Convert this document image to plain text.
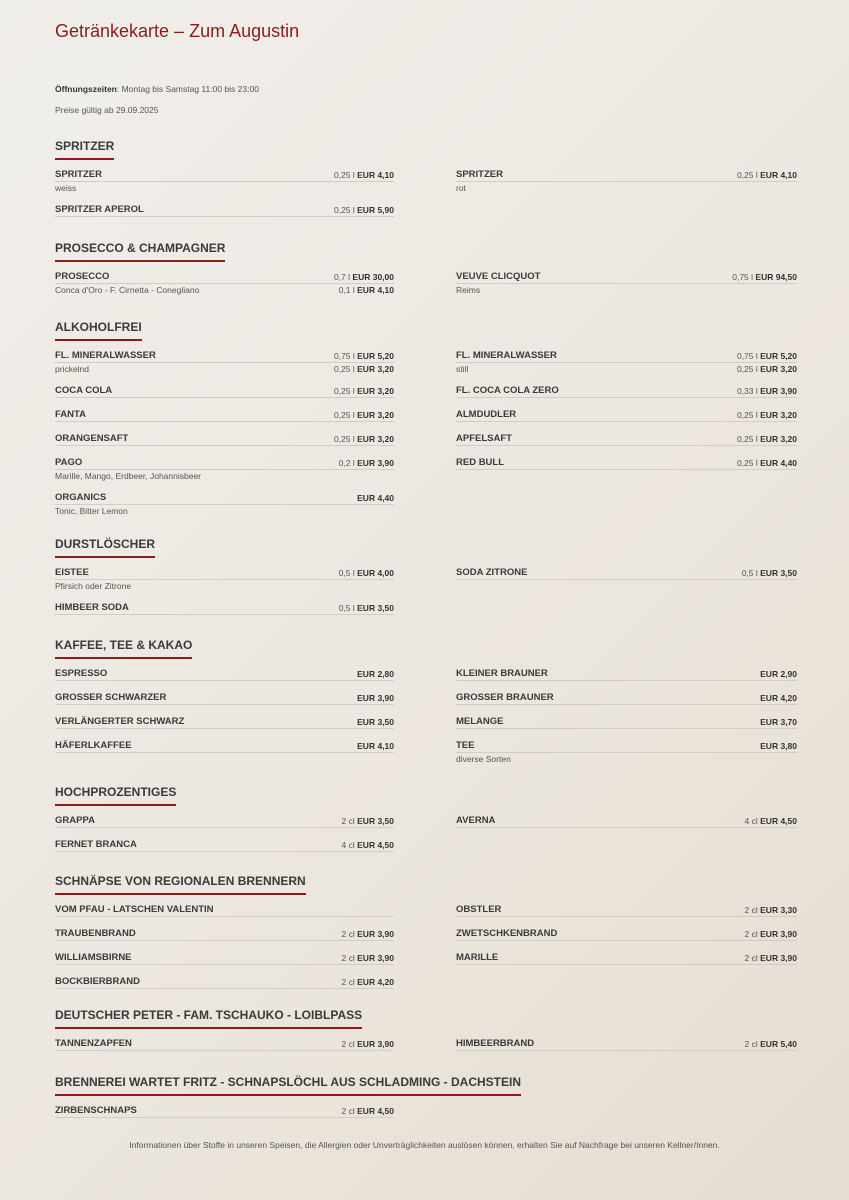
Getränkekarte – Zum Augustin
Öffnungszeiten: Montag bis Samstag 11:00 bis 23:00
Preise gültig ab 29.09.2025
SPRITZER
SPRITZER	0,25 l EUR 4,10
weiss
SPRITZER APEROL	0,25 l EUR 5,90
SPRITZER	0,25 l EUR 4,10
rot
PROSECCO & CHAMPAGNER
PROSECCO	0,7 l EUR 30,00
Conca d'Oro - F. Cirnetta - Conegliano	0,1 l EUR 4,10
VEUVE CLICQUOT	0,75 l EUR 94,50
Reims
ALKOHOLFREI
FL. MINERALWASSER	0,75 l EUR 5,20
prickelnd	0,25 l EUR 3,20
COCA COLA	0,25 l EUR 3,20
FANTA	0,25 l EUR 3,20
ORANGENSAFT	0,25 l EUR 3,20
PAGO	0,2 l EUR 3,90
Marille, Mango, Erdbeer, Johannisbeer
ORGANICS	EUR 4,40
Tonic, Bitter Lemon
FL. MINERALWASSER	0,75 l EUR 5,20
still	0,25 l EUR 3,20
FL. COCA COLA ZERO	0,33 l EUR 3,90
ALMDUDLER	0,25 l EUR 3,20
APFELSAFT	0,25 l EUR 3,20
RED BULL	0,25 l EUR 4,40
DURSTLÖSCHER
EISTEE	0,5 l EUR 4,00
Pfirsich oder Zitrone
HIMBEER SODA	0,5 l EUR 3,50
SODA ZITRONE	0,5 l EUR 3,50
KAFFEE, TEE & KAKAO
ESPRESSO	EUR 2,80
GROSSER SCHWARZER	EUR 3,90
VERLÄNGERTER SCHWARZ	EUR 3,50
HÄFERLKAFFEE	EUR 4,10
KLEINER BRAUNER	EUR 2,90
GROSSER BRAUNER	EUR 4,20
MELANGE	EUR 3,70
TEE	EUR 3,80
diverse Sorten
HOCHPROZENTIGES
GRAPPA	2 cl EUR 3,50
FERNET BRANCA	4 cl EUR 4,50
AVERNA	4 cl EUR 4,50
SCHNÄPSE VON REGIONALEN BRENNERN
VOM PFAU - LATSCHEN VALENTIN
TRAUBENBRAND	2 cl EUR 3,90
WILLIAMSBIRNE	2 cl EUR 3,90
BOCKBIERBRAND	2 cl EUR 4,20
OBSTLER	2 cl EUR 3,30
ZWETSCHKENBRAND	2 cl EUR 3,90
MARILLE	2 cl EUR 3,90
DEUTSCHER PETER - FAM. TSCHAUKO - LOIBLPASS
TANNENZAPFEN	2 cl EUR 3,90	HIMBEERBRAND	2 cl EUR 5,40
BRENNEREI WARTET FRITZ - SCHNAPSLÖCHL AUS SCHLADMING - DACHSTEIN
ZIRBENSCHNAPS	2 cl EUR 4,50
Informationen über Stoffe in unseren Speisen, die Allergien oder Unverträglichkeiten auslösen können, erhalten Sie auf Nachfrage bei unseren Kellner/Innen.
